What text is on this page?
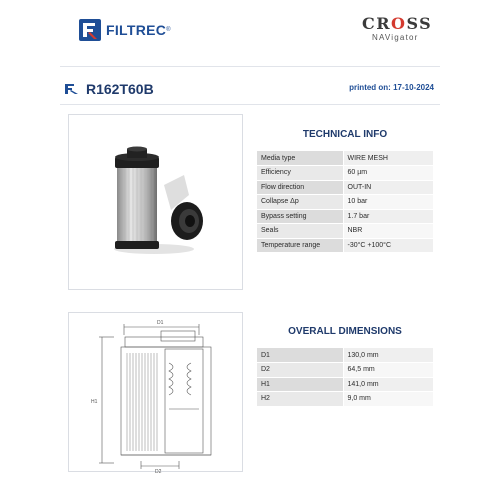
FILTREC ®	CROSS
NAVigator
R162T60B	printed on: 17-10-2024
TECHNICAL INFO
Media type	WIRE MESH
Efficiency	60 µm
Flow direction	OUT-IN
Collapse Δp	10 bar
Bypass setting	1.7 bar
Seals	NBR
Temperature range	-30°C +100°C
D1
D2
H1
OVERALL DIMENSIONS
D1	130,0 mm
D2	64,5 mm
H1	141,0 mm
H2	9,0 mm
